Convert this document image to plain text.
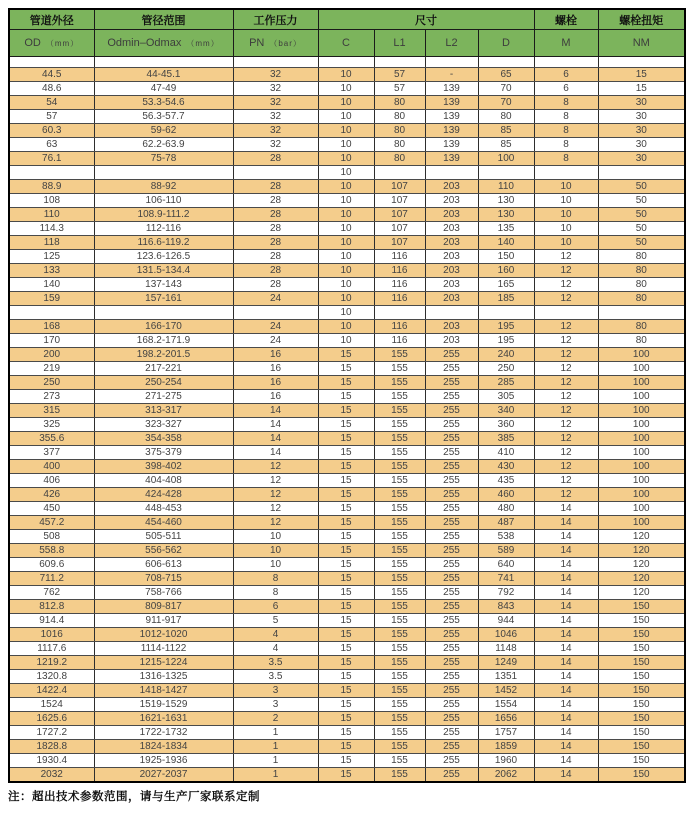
管道外径	管径范围	工作压力	尺寸				螺栓	螺栓扭矩
OD （mm）	Odmin–Odmax （mm）	PN （bar）	C	L1	L2	D	M	NM

44.5	44-45.1	32	10	57	-	65	6	15
48.6	47-49	32	10	57	139	70	6	15
54	53.3-54.6	32	10	80	139	70	8	30
57	56.3-57.7	32	10	80	139	80	8	30
60.3	59-62	32	10	80	139	85	8	30
63	62.2-63.9	32	10	80	139	85	8	30
76.1	75-78	28	10	80	139	100	8	30
			10					
88.9	88-92	28	10	107	203	110	10	50
108	106-110	28	10	107	203	130	10	50
110	108.9-111.2	28	10	107	203	130	10	50
114.3	112-116	28	10	107	203	135	10	50
118	116.6-119.2	28	10	107	203	140	10	50
125	123.6-126.5	28	10	116	203	150	12	80
133	131.5-134.4	28	10	116	203	160	12	80
140	137-143	28	10	116	203	165	12	80
159	157-161	24	10	116	203	185	12	80
			10					
168	166-170	24	10	116	203	195	12	80
170	168.2-171.9	24	10	116	203	195	12	80
200	198.2-201.5	16	15	155	255	240	12	100
219	217-221	16	15	155	255	250	12	100
250	250-254	16	15	155	255	285	12	100
273	271-275	16	15	155	255	305	12	100
315	313-317	14	15	155	255	340	12	100
325	323-327	14	15	155	255	360	12	100
355.6	354-358	14	15	155	255	385	12	100
377	375-379	14	15	155	255	410	12	100
400	398-402	12	15	155	255	430	12	100
406	404-408	12	15	155	255	435	12	100
426	424-428	12	15	155	255	460	12	100
450	448-453	12	15	155	255	480	14	100
457.2	454-460	12	15	155	255	487	14	100
508	505-511	10	15	155	255	538	14	120
558.8	556-562	10	15	155	255	589	14	120
609.6	606-613	10	15	155	255	640	14	120
711.2	708-715	8	15	155	255	741	14	120
762	758-766	8	15	155	255	792	14	120
812.8	809-817	6	15	155	255	843	14	150
914.4	911-917	5	15	155	255	944	14	150
1016	1012-1020	4	15	155	255	1046	14	150
1117.6	1114-1122	4	15	155	255	1148	14	150
1219.2	1215-1224	3.5	15	155	255	1249	14	150
1320.8	1316-1325	3.5	15	155	255	1351	14	150
1422.4	1418-1427	3	15	155	255	1452	14	150
1524	1519-1529	3	15	155	255	1554	14	150
1625.6	1621-1631	2	15	155	255	1656	14	150
1727.2	1722-1732	1	15	155	255	1757	14	150
1828.8	1824-1834	1	15	155	255	1859	14	150
1930.4	1925-1936	1	15	155	255	1960	14	150
2032	2027-2037	1	15	155	255	2062	14	150
注：超出技术参数范围，请与生产厂家联系定制
